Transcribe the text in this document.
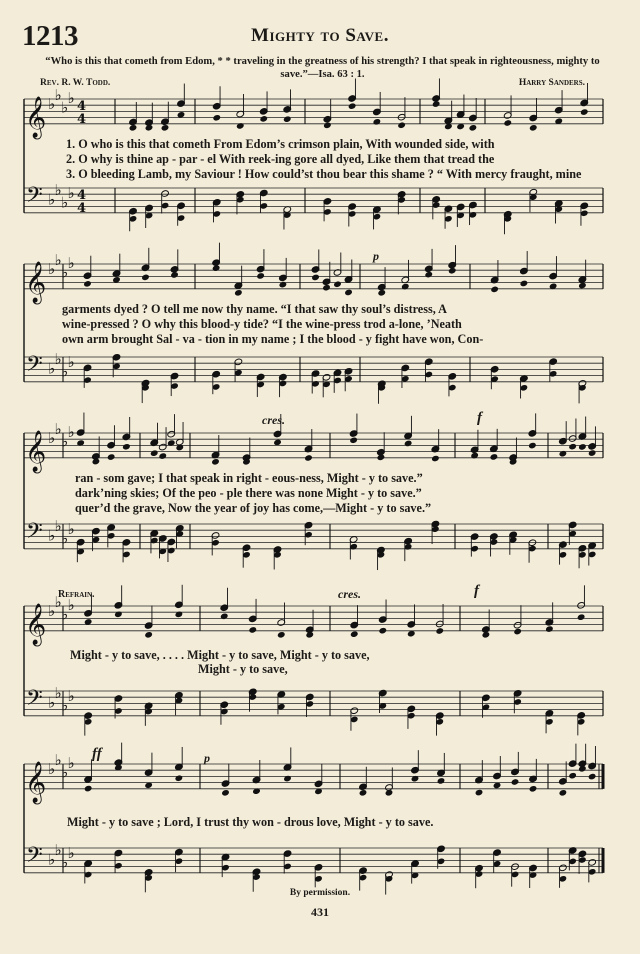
1213	Mighty to Save.
“Who is this that cometh from Edom, * * traveling in the greatness of his strength? I that speak in righteousness, mighty to save.”—Isa. 63 : 1.
Rev. R. W. Todd.	Harry Sanders.
𝄞
𝄢
♭
♭
♭
♭
♭
♭
♭
♭
4
4
4
4
𝄞
𝄢
♭
♭
♭
♭
♭
♭
♭
♭
𝄞
𝄢
♭
♭
♭
♭
♭
♭
♭
♭
𝄞
𝄢
♭
♭
♭
♭
♭
♭
♭
♭
𝄞
𝄢
♭
♭
♭
♭
♭
♭
♭
♭
1. O who is this that cometh From Edom’s crimson plain, With wounded side, with
2. O why is thine ap - par - el With reek-ing gore all dyed, Like them that tread the
3. O bleeding Lamb, my Saviour ! How could’st thou bear this shame ? “ With mercy fraught, mine
p
garments dyed ? O tell me now thy name. “I that saw thy soul’s distress, A
wine-pressed ? O why this blood-y tide? “I the wine-press trod a-lone, ’Neath
own arm brought Sal - va - tion in my name ; I the blood - y fight have won, Con-
cres.	f
ran - som gave; I that speak in right - eous-ness, Might - y to save.”
dark’ning skies; Of the peo - ple there was none Might - y to save.”
quer’d the grave, Now the year of joy has come,—Might - y to save.”
Refrain.	cres.	f
Might - y to save, . . . . Might - y to save, Might - y to save,
Might - y to save,
ff	p
Might - y to save ; Lord, I trust thy won - drous love, Might - y to save.
By permission.
431
